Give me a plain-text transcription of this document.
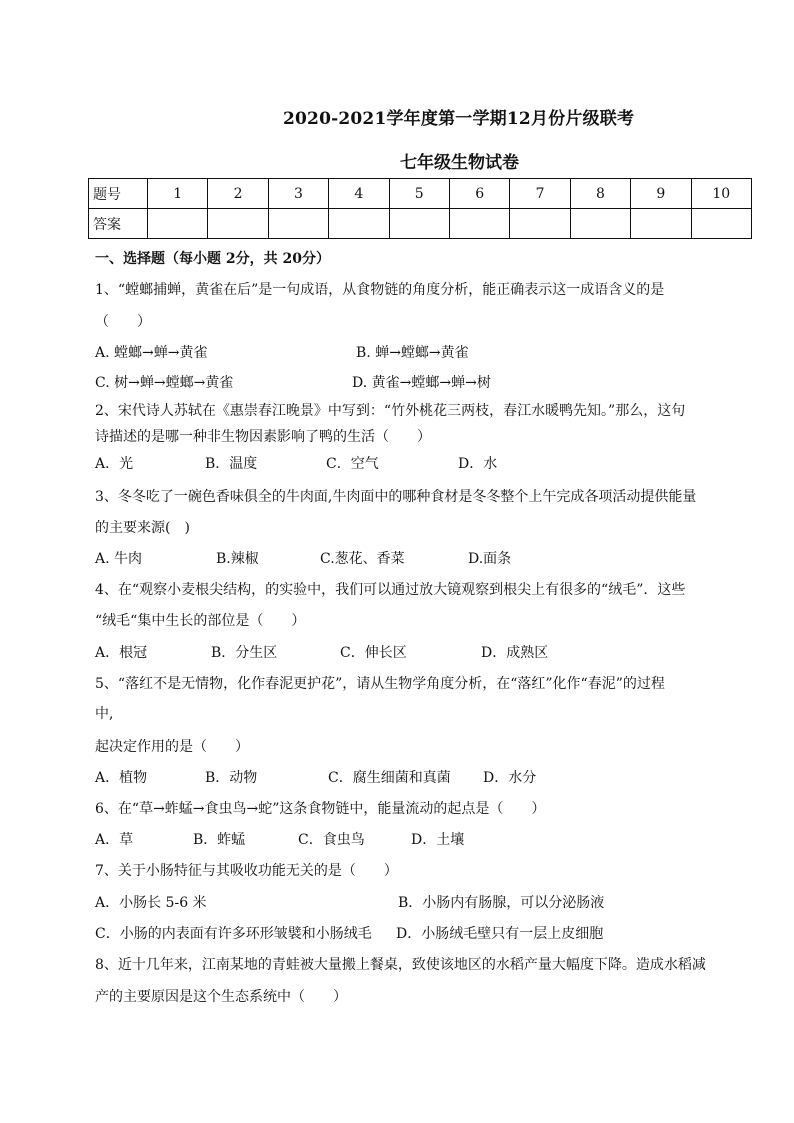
2020-2021学年度第一学期12月份片级联考
七年级生物试卷
题号	1	2	3	4	5	6	7	8	9	10
答案										
一、选择题（每小题 2分，共 20分）
1、“螳螂捕蝉，黄雀在后”是一句成语，从食物链的角度分析，能正确表示这一成语含义的是
（　　）
A. 螳螂→蝉→黄雀	B. 蝉→螳螂→黄雀
C. 树→蝉→螳螂→黄雀	D. 黄雀→螳螂→蝉→树
2、宋代诗人苏轼在《惠崇春江晚景》中写到：“竹外桃花三两枝，春江水暖鸭先知。”那么，这句
诗描述的是哪一种非生物因素影响了鸭的生活（　　）
A．光	B．温度	C．空气	D．水
3、冬冬吃了一碗色香味俱全的牛肉面,牛肉面中的哪种食材是冬冬整个上午完成各项活动提供能量
的主要来源(　)
A. 牛肉	B.辣椒	C.葱花、香菜	D.面条
4、在“观察小麦根尖结构，的实验中，我们可以通过放大镜观察到根尖上有很多的“绒毛”．这些
“绒毛“集中生长的部位是（　　）
A．根冠	B．分生区	C．伸长区	D．成熟区
5、“落红不是无情物，化作春泥更护花”，请从生物学角度分析，在“落红”化作“春泥”的过程
中,
起决定作用的是（　　）
A．植物	B．动物	C．腐生细菌和真菌 D．水分
6、在“草→蚱蜢→食虫鸟→蛇”这条食物链中，能量流动的起点是（　　）
A．草	B．蚱蜢	C．食虫鸟	D．土壤
7、关于小肠特征与其吸收功能无关的是（　　）
A．小肠长 5-6 米	B．小肠内有肠腺，可以分泌肠液
C．小肠的内表面有许多环形皱襞和小肠绒毛 D．小肠绒毛壁只有一层上皮细胞
8、近十几年来，江南某地的青蛙被大量搬上餐桌，致使该地区的水稻产量大幅度下降。造成水稻减
产的主要原因是这个生态系统中（　　）
